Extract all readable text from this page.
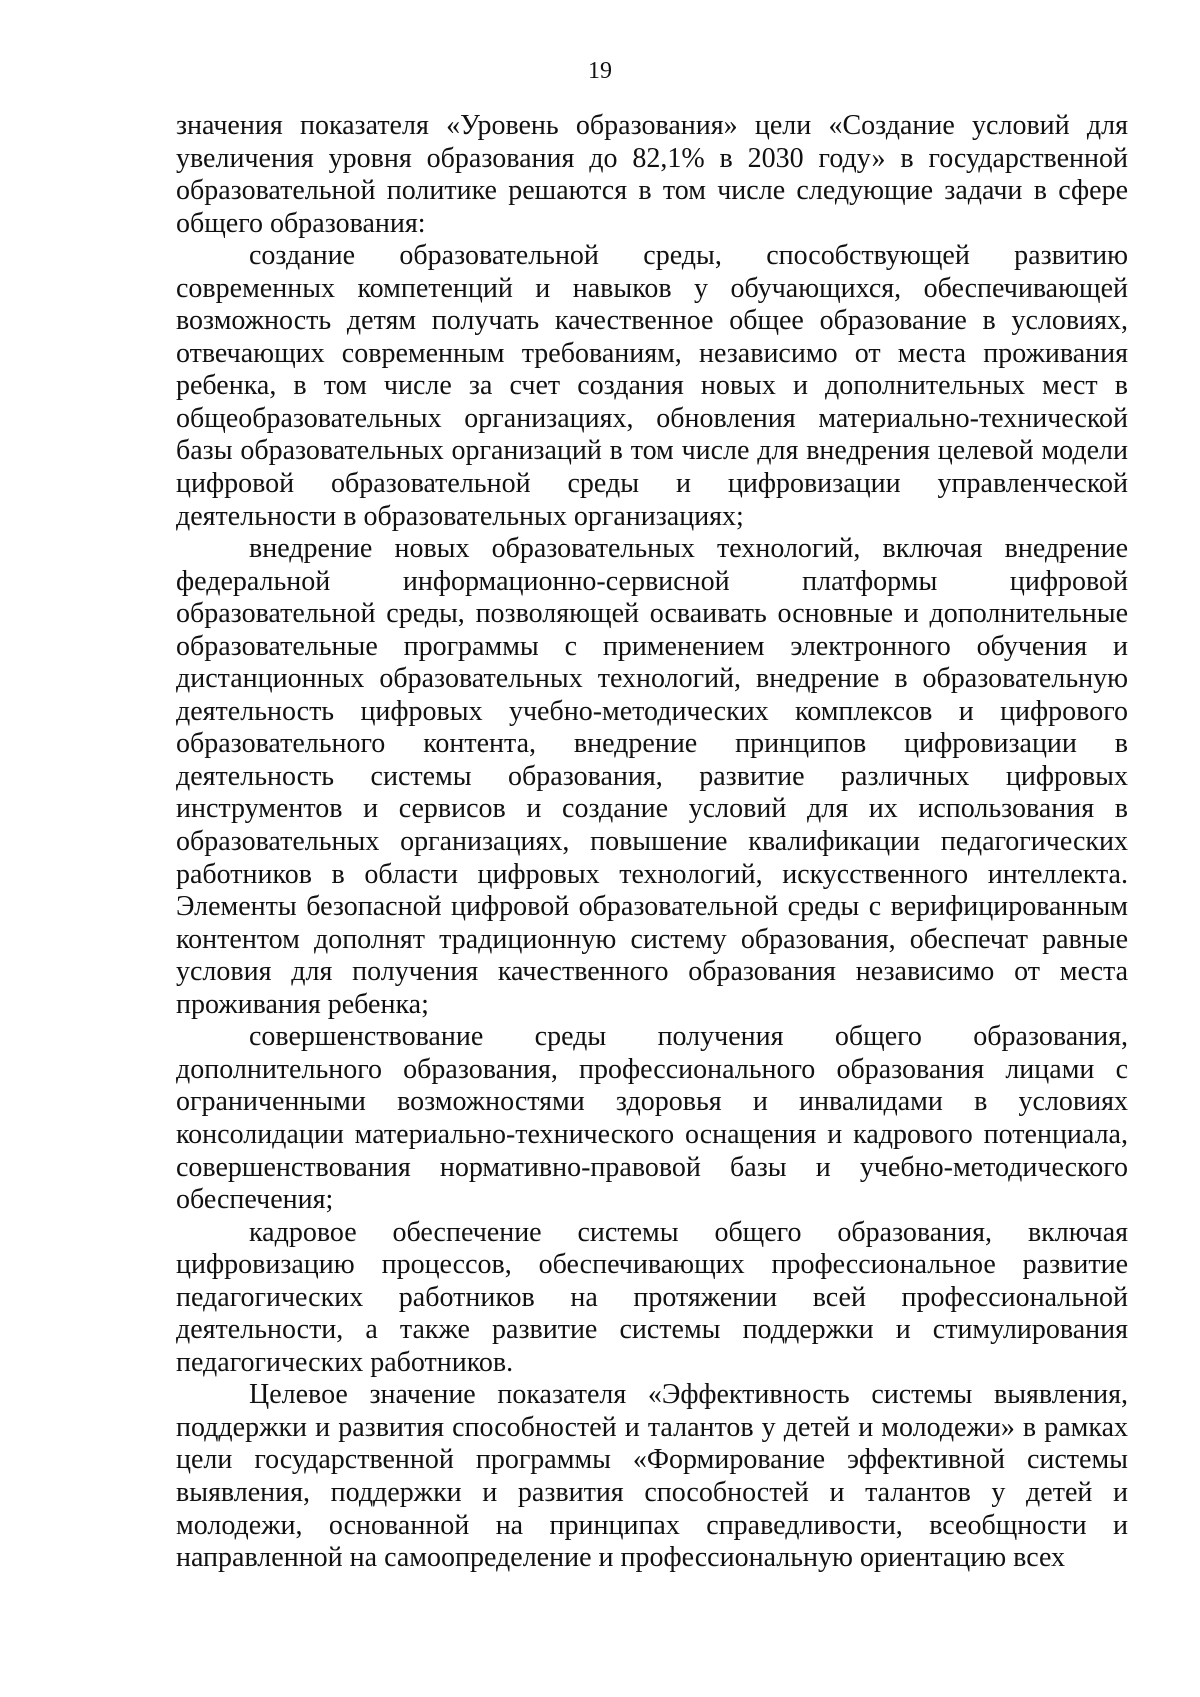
19

значения показателя «Уровень образования» цели «Создание условий для увеличения уровня образования до 82,1% в 2030 году» в государственной образовательной политике решаются в том числе следующие задачи в сфере общего образования:

создание образовательной среды, способствующей развитию современных компетенций и навыков у обучающихся, обеспечивающей возможность детям получать качественное общее образование в условиях, отвечающих современным требованиям, независимо от места проживания ребенка, в том числе за счет создания новых и дополнительных мест в общеобразовательных организациях, обновления материально-технической базы образовательных организаций в том числе для внедрения целевой модели цифровой образовательной среды и цифровизации управленческой деятельности в образовательных организациях;

внедрение новых образовательных технологий, включая внедрение федеральной информационно-сервисной платформы цифровой образовательной среды, позволяющей осваивать основные и дополнительные образовательные программы с применением электронного обучения и дистанционных образовательных технологий, внедрение в образовательную деятельность цифровых учебно-методических комплексов и цифрового образовательного контента, внедрение принципов цифровизации в деятельность системы образования, развитие различных цифровых инструментов и сервисов и создание условий для их использования в образовательных организациях, повышение квалификации педагогических работников в области цифровых технологий, искусственного интеллекта. Элементы безопасной цифровой образовательной среды с верифицированным контентом дополнят традиционную систему образования, обеспечат равные условия для получения качественного образования независимо от места проживания ребенка;

совершенствование среды получения общего образования, дополнительного образования, профессионального образования лицами с ограниченными возможностями здоровья и инвалидами в условиях консолидации материально-технического оснащения и кадрового потенциала, совершенствования нормативно-правовой базы и учебно-методического обеспечения;

кадровое обеспечение системы общего образования, включая цифровизацию процессов, обеспечивающих профессиональное развитие педагогических работников на протяжении всей профессиональной деятельности, а также развитие системы поддержки и стимулирования педагогических работников.

Целевое значение показателя «Эффективность системы выявления, поддержки и развития способностей и талантов у детей и молодежи» в рамках цели государственной программы «Формирование эффективной системы выявления, поддержки и развития способностей и талантов у детей и молодежи, основанной на принципах справедливости, всеобщности и направленной на самоопределение и профессиональную ориентацию всех
